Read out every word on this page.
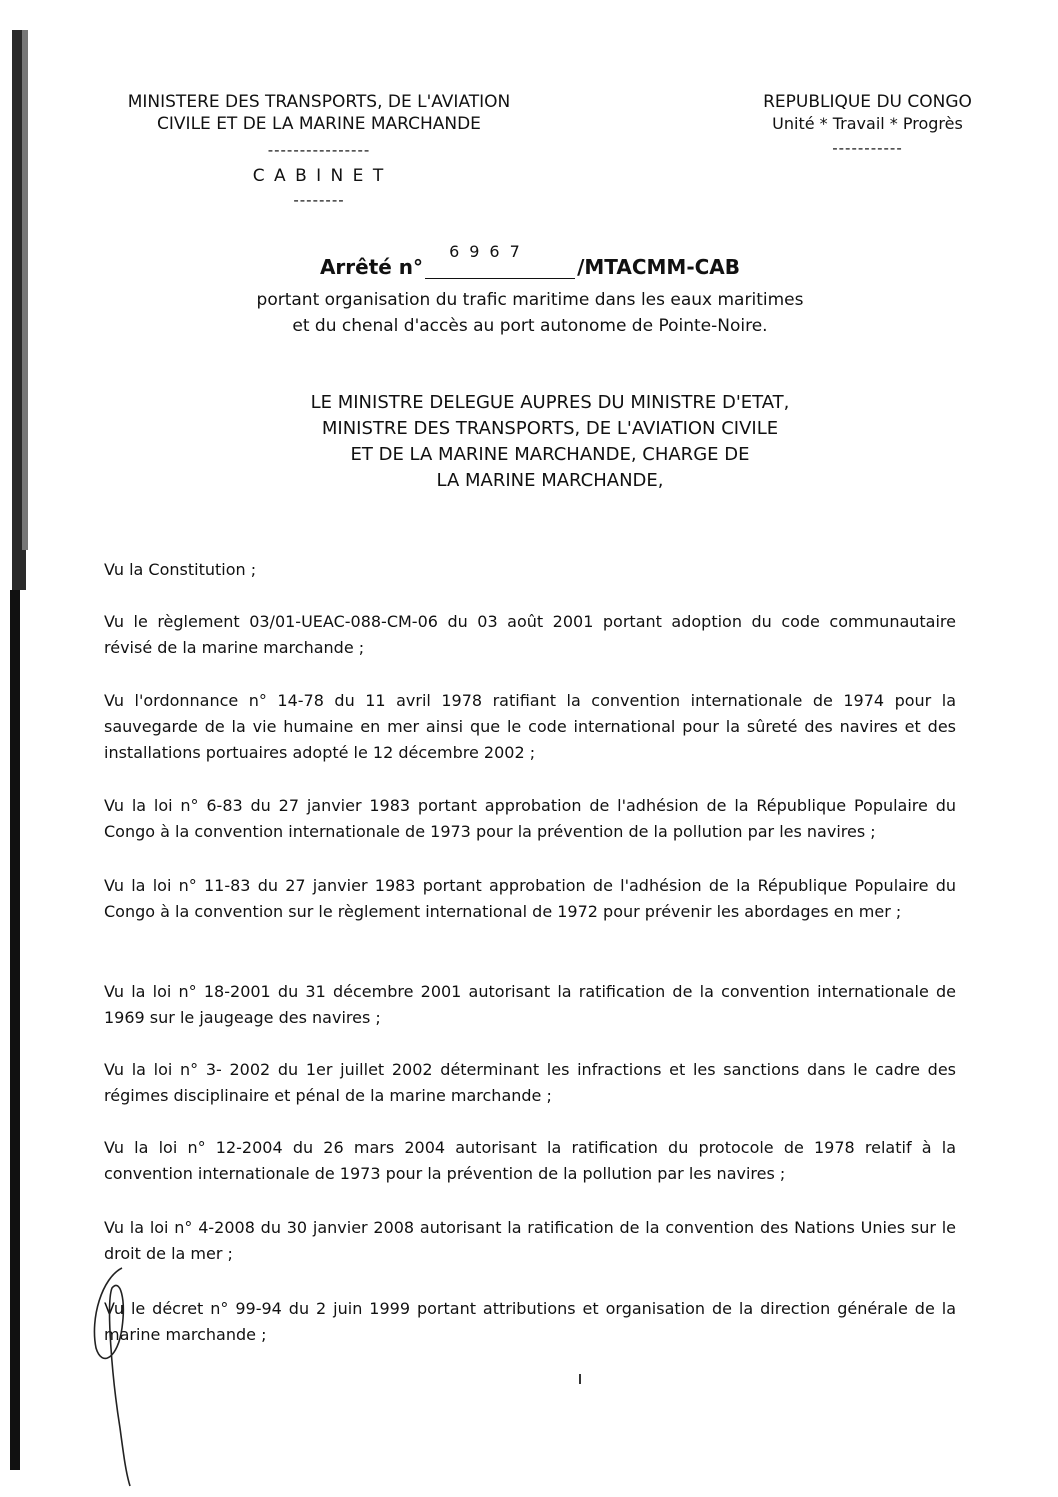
MINISTERE DES TRANSPORTS, DE L'AVIATION
CIVILE ET DE LA MARINE MARCHANDE
----------------
C A B I N E T
--------
REPUBLIQUE DU CONGO
Unité * Travail * Progrès
-----------
Arrêté n°
6967
/MTACMM-CAB
portant organisation du trafic maritime dans les eaux maritimes
et du chenal d'accès au port autonome de Pointe-Noire.
LE MINISTRE DELEGUE AUPRES DU MINISTRE D'ETAT,
MINISTRE DES TRANSPORTS, DE L'AVIATION CIVILE
ET DE LA MARINE MARCHANDE, CHARGE DE
LA MARINE MARCHANDE,

Vu la Constitution ;

Vu le règlement 03/01-UEAC-088-CM-06 du 03 août 2001 portant adoption du code communautaire révisé de la marine marchande ;

Vu l'ordonnance n° 14-78 du 11 avril 1978 ratifiant la convention internationale de 1974 pour la sauvegarde de la vie humaine en mer ainsi que le code international pour la sûreté des navires et des installations portuaires adopté le 12 décembre 2002 ;

Vu la loi n° 6-83 du 27 janvier 1983 portant approbation de l'adhésion de la République Populaire du Congo à la convention internationale de 1973 pour la prévention de la pollution par les navires ;

Vu la loi n° 11-83 du 27 janvier 1983 portant approbation de l'adhésion de la République Populaire du Congo à la convention sur le règlement international de 1972 pour prévenir les abordages en mer ;

Vu la loi n° 18-2001 du 31 décembre 2001 autorisant la ratification de la convention internationale de 1969 sur le jaugeage des navires ;

Vu la loi n° 3- 2002 du 1er juillet 2002 déterminant les infractions et les sanctions dans le cadre des régimes disciplinaire et pénal de la marine marchande ;

Vu la loi n° 12-2004 du 26 mars 2004 autorisant la ratification du protocole de 1978 relatif à la convention internationale de 1973 pour la prévention de la pollution par les navires ;

Vu la loi n° 4-2008 du 30 janvier 2008 autorisant la ratification de la convention des Nations Unies sur le droit de la mer ;

Vu le décret n° 99-94 du 2 juin 1999 portant attributions et organisation de la direction générale de la marine marchande ;
